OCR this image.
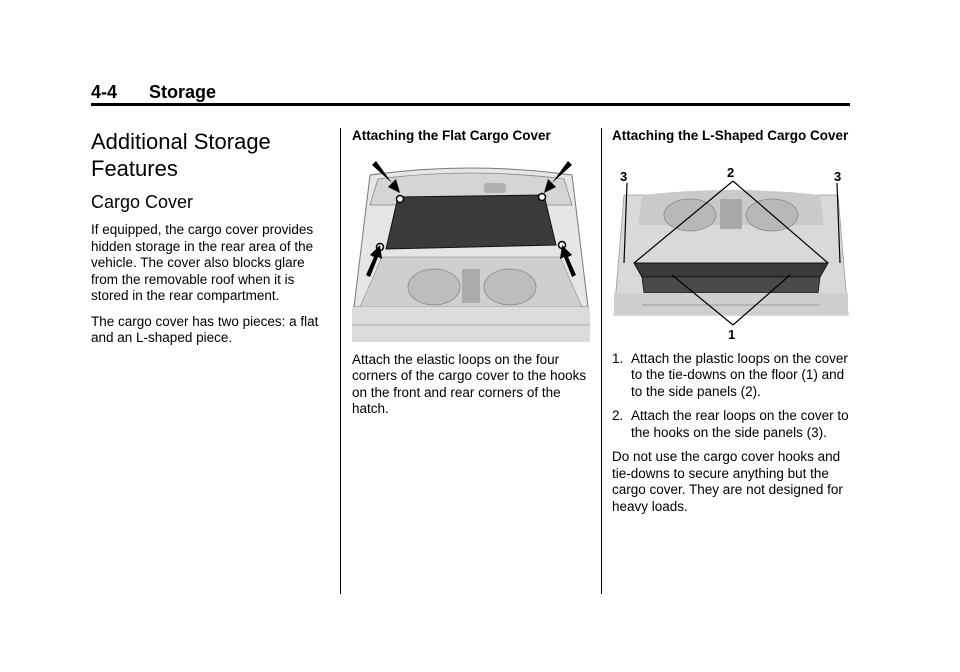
4-4 Storage
Additional Storage Features
Cargo Cover

If equipped, the cargo cover provides hidden storage in the rear area of the vehicle. The cover also blocks glare from the removable roof when it is stored in the rear compartment.

The cargo cover has two pieces: a flat and an L-shaped piece.

Attaching the Flat Cargo Cover

Attach the elastic loops on the four corners of the cargo cover to the hooks on the front and rear corners of the hatch.

Attaching the L-Shaped Cargo Cover
3	2	3
1
1. Attach the plastic loops on the cover to the tie-downs on the floor (1) and to the side panels (2).
2. Attach the rear loops on the cover to the hooks on the side panels (3).

Do not use the cargo cover hooks and tie-downs to secure anything but the cargo cover. They are not designed for heavy loads.
